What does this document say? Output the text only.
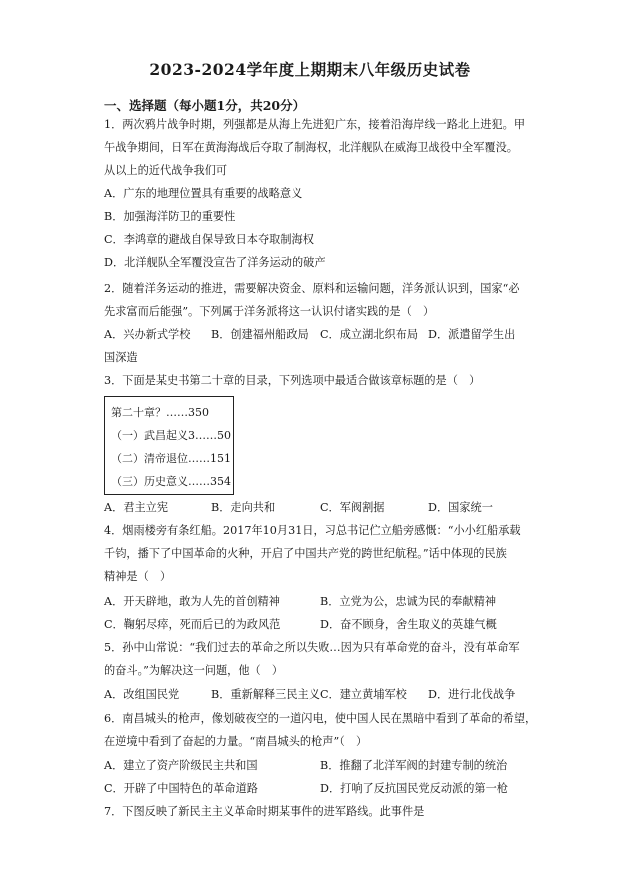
2023-2024学年度上期期末八年级历史试卷
一、选择题（每小题1分，共20分）
1．两次鸦片战争时期，列强都是从海上先进犯广东，接着沿海岸线一路北上进犯。甲
午战争期间，日军在黄海海战后夺取了制海权，北洋舰队在威海卫战役中全军覆没。
从以上的近代战争我们可
A．广东的地理位置具有重要的战略意义
B．加强海洋防卫的重要性
C．李鸿章的避战自保导致日本夺取制海权
D．北洋舰队全军覆没宣告了洋务运动的破产
2．随着洋务运动的推进，需要解决资金、原料和运输问题，洋务派认识到，国家“必
先求富而后能强”。下列属于洋务派将这一认识付诸实践的是（　）
A．兴办新式学校 B．创建福州船政局 C．成立湖北织布局 D．派遣留学生出
国深造
3．下面是某史书第二十章的目录，下列选项中最适合做该章标题的是（　）
第二十章？……350
（一）武昌起义3……50
（二）清帝退位……151
（三）历史意义……354
A．君主立宪	B．走向共和	C．军阀割据	D．国家统一
4．烟雨楼旁有条红船。2017年10月31日，习总书记伫立船旁感慨：“小小红船承载
千钧，播下了中国革命的火种，开启了中国共产党的跨世纪航程。”话中体现的民族
精神是（　）
A．开天辟地，敢为人先的首创精神	B．立党为公，忠诚为民的奉献精神
C．鞠躬尽瘁，死而后已的为政风范	D．奋不顾身，舍生取义的英雄气概
5．孙中山常说：“我们过去的革命之所以失败…因为只有革命党的奋斗，没有革命军
的奋斗。”为解决这一问题，他（　）
A．改组国民党	B．重新解释三民主义 C．建立黄埔军校 D．进行北伐战争
6．南昌城头的枪声，像划破夜空的一道闪电，使中国人民在黑暗中看到了革命的希望，
在逆境中看到了奋起的力量。“南昌城头的枪声”（　）
A．建立了资产阶级民主共和国	B．推翻了北洋军阀的封建专制的统治
C．开辟了中国特色的革命道路	D．打响了反抗国民党反动派的第一枪
7．下图反映了新民主主义革命时期某事件的进军路线。此事件是
